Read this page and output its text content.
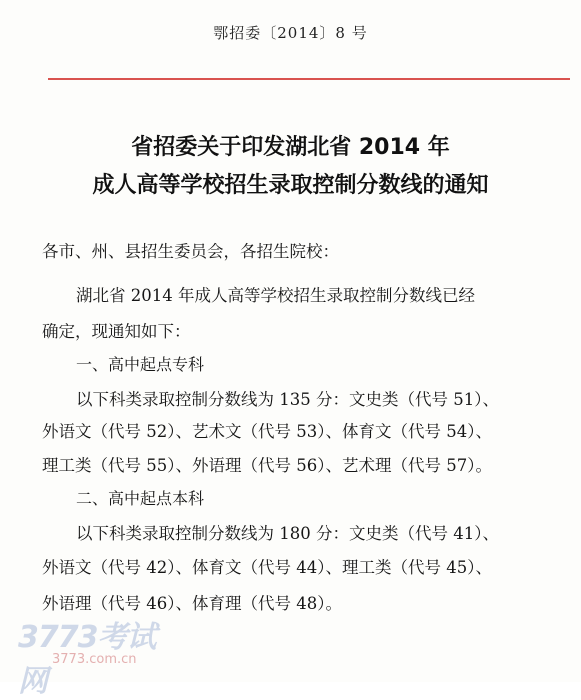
鄂招委〔2014〕8 号
省招委关于印发湖北省 2014 年
成人高等学校招生录取控制分数线的通知
各市、州、县招生委员会，各招生院校：
湖北省 2014 年成人高等学校招生录取控制分数线已经
确定，现通知如下：
一、高中起点专科
以下科类录取控制分数线为 135 分：文史类（代号 51）、
外语文（代号 52）、艺术文（代号 53）、体育文（代号 54）、
理工类（代号 55）、外语理（代号 56）、艺术理（代号 57）。
二、高中起点本科
以下科类录取控制分数线为 180 分：文史类（代号 41）、
外语文（代号 42）、体育文（代号 44）、理工类（代号 45）、
外语理（代号 46）、体育理（代号 48）。
3773考试网
3773.com.cn
